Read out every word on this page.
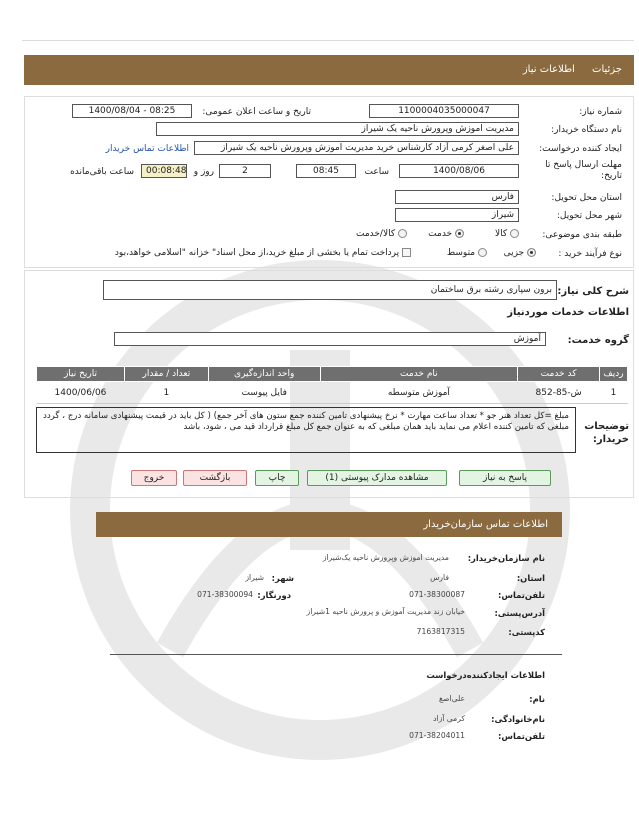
جزئیات اطلاعات نیاز
شماره نیاز:
1100004035000047
تاریخ و ساعت اعلان عمومی:
1400/08/04 - 08:25
نام دستگاه خریدار:
مدیریت اموزش وپرورش ناحیه یک شیراز
ایجاد کننده درخواست:
علی اصغر کرمی آزاد کارشناس خرید مدیریت اموزش وپرورش ناحیه یک شیراز
اطلاعات تماس خریدار
مهلت ارسال پاسخ تا تاریخ:
1400/08/06
ساعت
08:45
2
روز و
00:08:48
ساعت باقی‌مانده
استان محل تحویل:
فارس
شهر محل تحویل:
شیراز
طبقه بندی موضوعی:
کالا
خدمت
کالا/خدمت
نوع فرآیند خرید :
جزیی
متوسط
پرداخت تمام یا بخشی از مبلغ خرید،از محل اسناد" خزانه "اسلامی خواهد،بود
شرح کلی نیاز:
برون سپاری رشته برق ساختمان
اطلاعات خدمات مورد‌نیاز
گروه خدمت:
آموزش
ردیف	کد خدمت	نام خدمت	واحد اندازه‌گیری	تعداد / مقدار	تاریخ نیاز
1	ش-85-852	آموزش متوسطه	فایل پیوست	1	1400/06/06
توضیحات خریدار:
مبلغ =کل تعداد هنر جو * تعداد ساعت مهارت * نرخ پیشنهادی تامین کننده جمع ستون های آخر جمع) ( کل باید در قیمت پیشنهادی سامانه درج ، گردد مبلغی که تامین کننده اعلام می نماید باید همان مبلغی که به عنوان جمع کل مبلغ قرارداد قید می ، شود، باشد
پاسخ به نیاز
مشاهده مدارک پیوستی (1)
چاپ
بازگشت
خروج
اطلاعات تماس سازمان‌خریدار
نام سازمان‌خریدار:
مدیریت اموزش وپرورش ناحیه یک‌شیراز
استان:
فارس
شهر:
شیراز
تلفن‌تماس:
071-38300087
دورنگار:
071-38300094
آدرس‌پستی:
خیابان زند مدیریت آموزش و پرورش ناحیه 1شیراز
کدپستی:
7163817315
اطلاعات ایجادکننده‌درخواست
نام:
علی‌اصغ
نام‌خانوادگی:
کرمی آزاد
تلفن‌تماس:
071-38204011
